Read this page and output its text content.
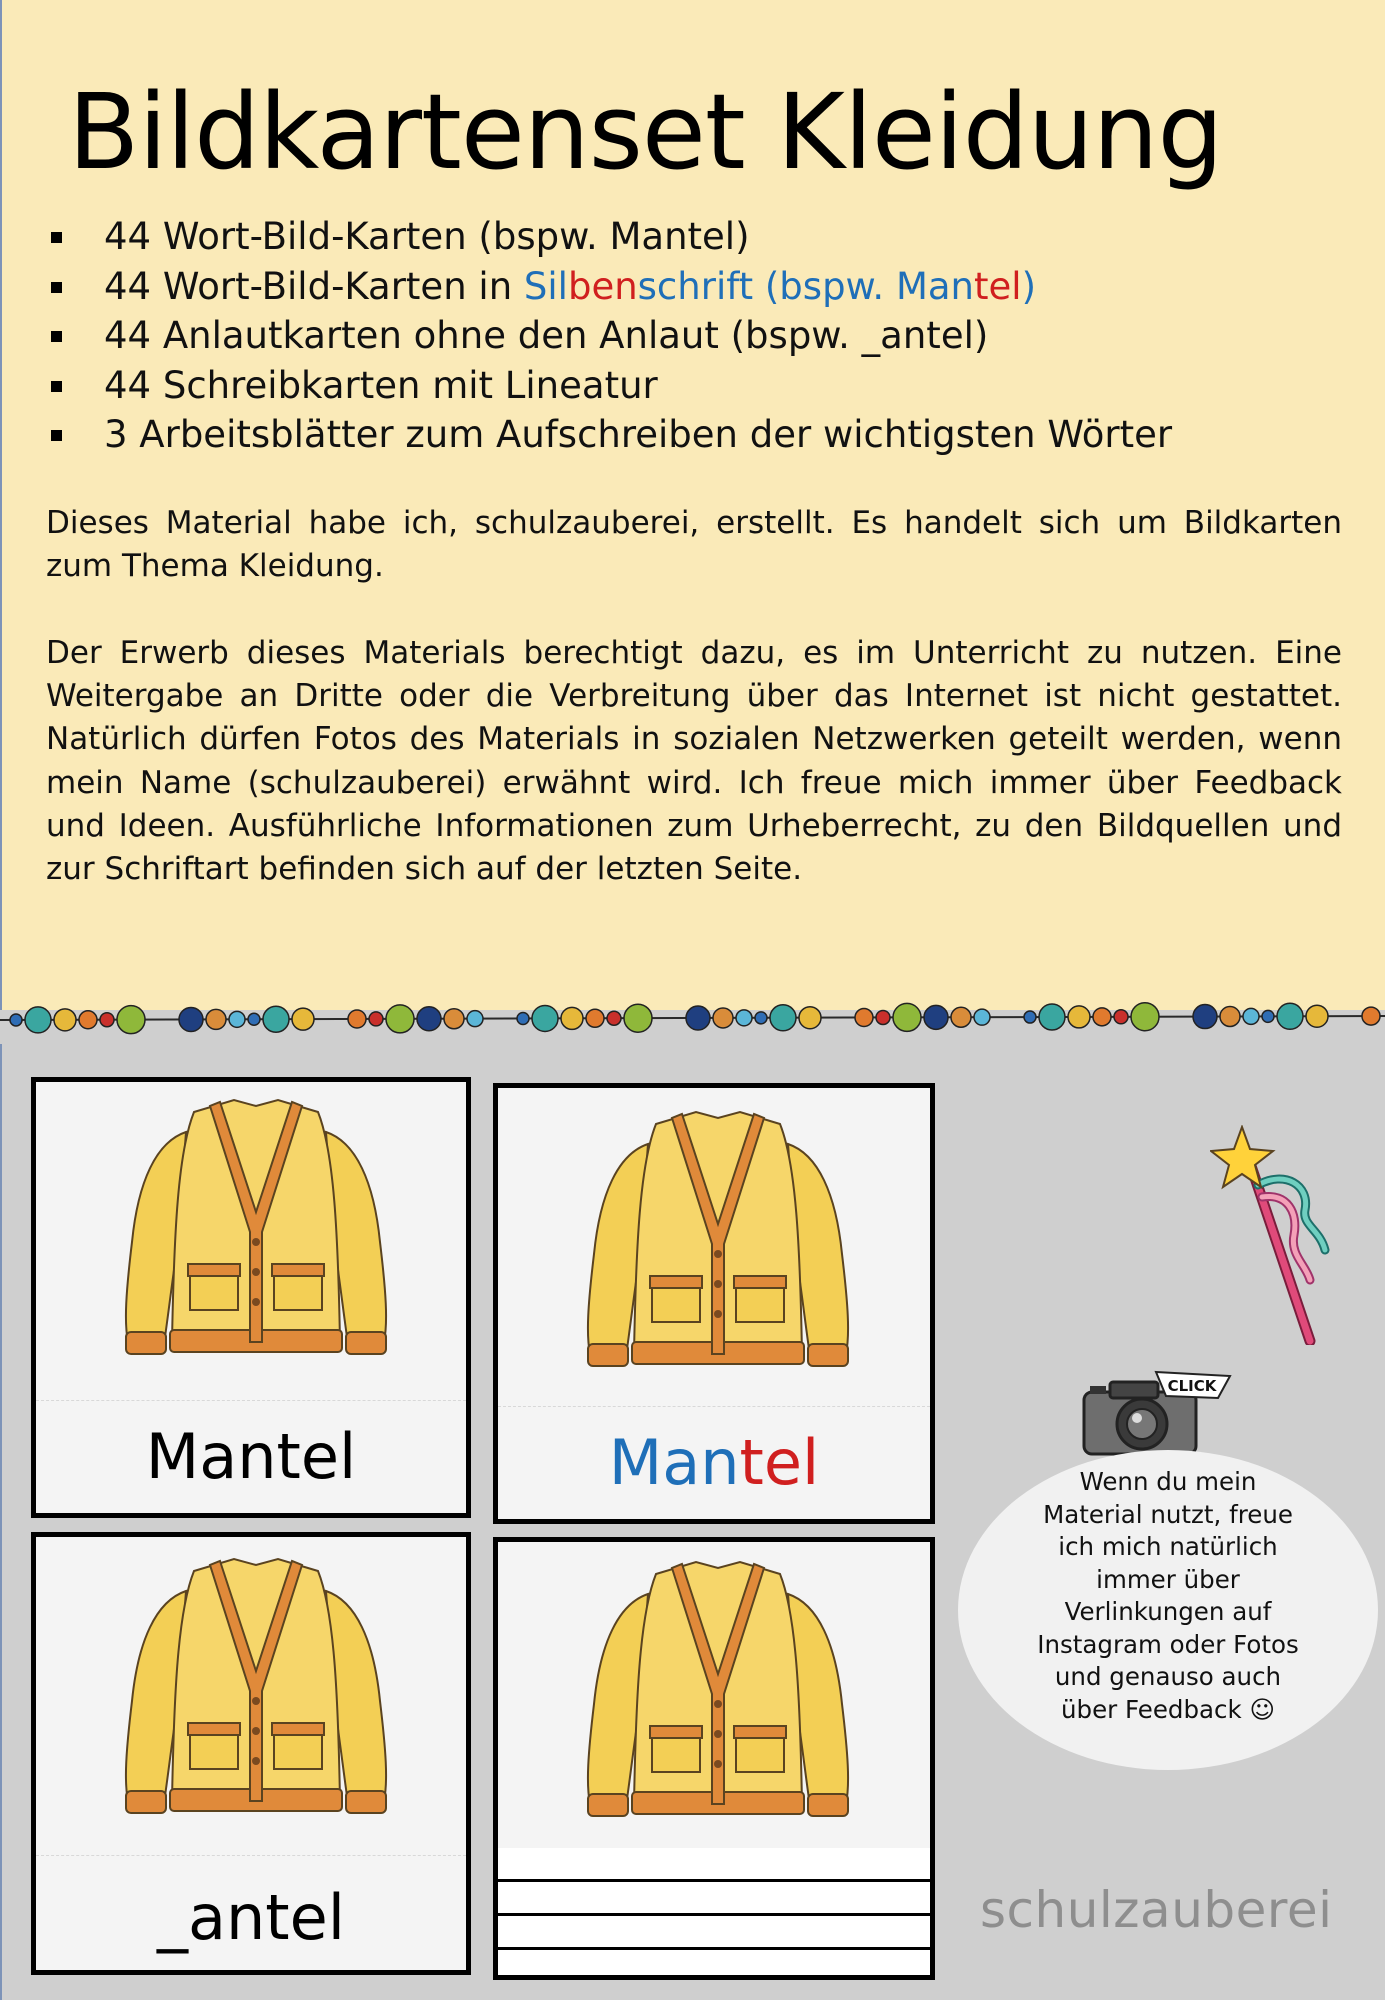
Bildkartenset Kleidung
44 Wort-Bild-Karten (bspw. Mantel)
44 Wort-Bild-Karten in Silbenschrift (bspw. Mantel)
44 Anlautkarten ohne den Anlaut (bspw. _antel)
44 Schreibkarten mit Lineatur
3 Arbeitsblätter zum Aufschreiben der wichtigsten Wörter

Dieses Material habe ich, schulzauberei, erstellt. Es handelt sich um Bildkarten zum Thema Kleidung.

Der Erwerb dieses Materials berechtigt dazu, es im Unterricht zu nutzen. Eine Weitergabe an Dritte oder die Verbreitung über das Internet ist nicht gestattet. Natürlich dürfen Fotos des Materials in sozialen Netzwerken geteilt werden, wenn mein Name (schulzauberei) erwähnt wird. Ich freue mich immer über Feedback und Ideen. Ausführliche Informationen zum Urheberrecht, zu den Bildquellen und zur Schriftart befinden sich auf der letzten Seite.

Mantel	Mantel
_antel
CLICK
Wenn du mein Material nutzt, freue ich mich natürlich immer über Verlinkungen auf Instagram oder Fotos und genauso auch über Feedback ☺
schulzauberei
